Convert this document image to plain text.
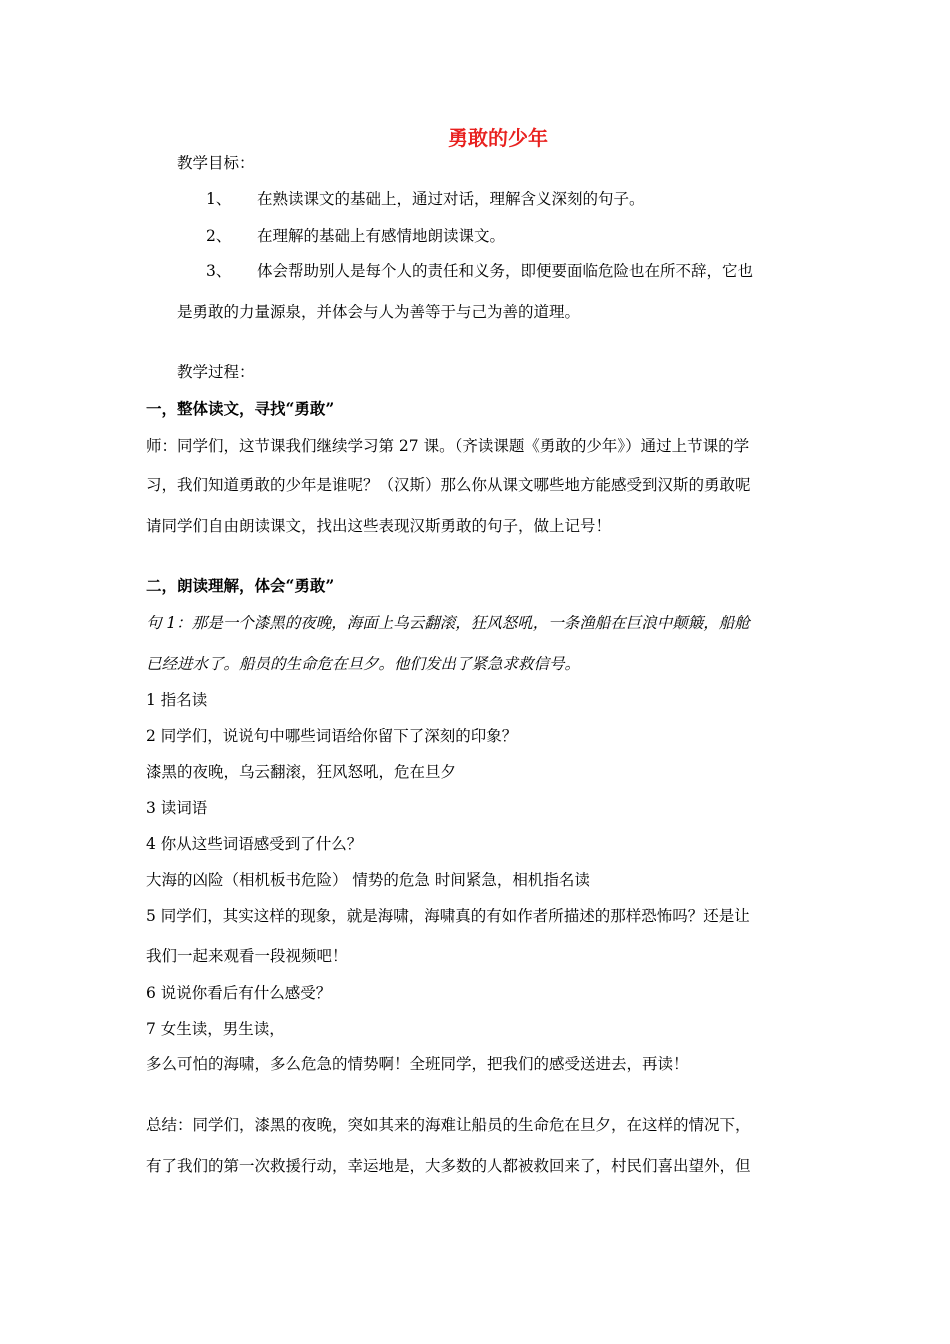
勇敢的少年

教学目标：

1、 在熟读课文的基础上，通过对话，理解含义深刻的句子。
2、 在理解的基础上有感情地朗读课文。
3、 体会帮助别人是每个人的责任和义务，即便要面临危险也在所不辞，它也

是勇敢的力量源泉，并体会与人为善等于与己为善的道理。

教学过程：

一，整体读文，寻找“勇敢”

师：同学们，这节课我们继续学习第 27 课。（齐读课题《勇敢的少年》）通过上节课的学

习，我们知道勇敢的少年是谁呢？（汉斯）那么你从课文哪些地方能感受到汉斯的勇敢呢

请同学们自由朗读课文，找出这些表现汉斯勇敢的句子，做上记号！

二，朗读理解，体会“勇敢”

句 1：那是一个漆黑的夜晚，海面上乌云翻滚，狂风怒吼，一条渔船在巨浪中颠簸，船舱

已经进水了。船员的生命危在旦夕。他们发出了紧急求救信号。

1 指名读

2 同学们，说说句中哪些词语给你留下了深刻的印象？

漆黑的夜晚，乌云翻滚，狂风怒吼，危在旦夕

3 读词语

4 你从这些词语感受到了什么？

大海的凶险（相机板书危险） 情势的危急 时间紧急，相机指名读

5 同学们，其实这样的现象，就是海啸，海啸真的有如作者所描述的那样恐怖吗？还是让

我们一起来观看一段视频吧！

6 说说你看后有什么感受？

7 女生读，男生读，

多么可怕的海啸，多么危急的情势啊！全班同学，把我们的感受送进去，再读！

总结：同学们，漆黑的夜晚，突如其来的海难让船员的生命危在旦夕，在这样的情况下，

有了我们的第一次救援行动，幸运地是，大多数的人都被救回来了，村民们喜出望外，但
